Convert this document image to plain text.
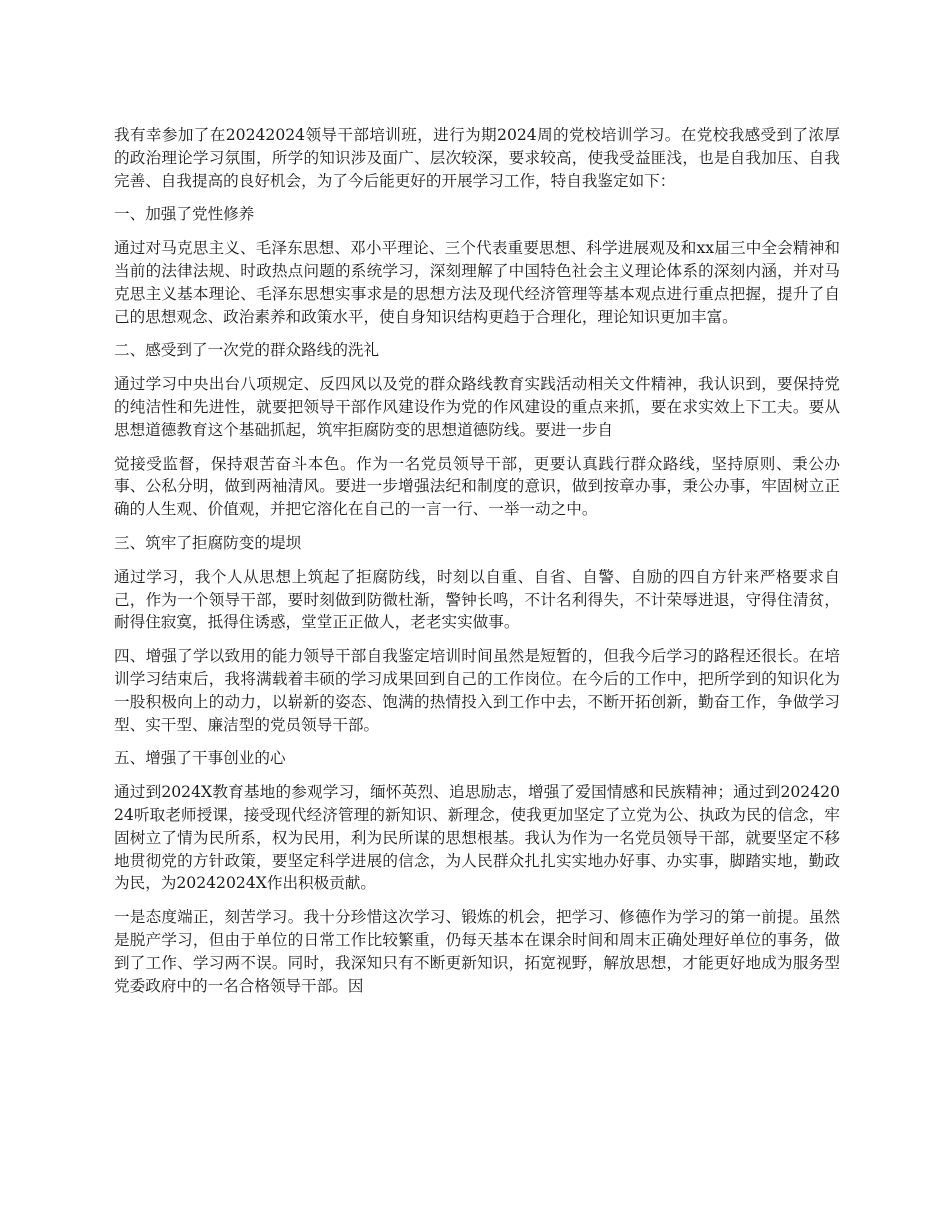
我有幸参加了在20242024领导干部培训班，进行为期2024周的党校培训学习。在党校我感受到了浓厚的政治理论学习氛围，所学的知识涉及面广、层次较深，要求较高，使我受益匪浅，也是自我加压、自我完善、自我提高的良好机会，为了今后能更好的开展学习工作，特自我鉴定如下：

一、加强了党性修养

通过对马克思主义、毛泽东思想、邓小平理论、三个代表重要思想、科学进展观及和xx届三中全会精神和当前的法律法规、时政热点问题的系统学习，深刻理解了中国特色社会主义理论体系的深刻内涵，并对马克思主义基本理论、毛泽东思想实事求是的思想方法及现代经济管理等基本观点进行重点把握，提升了自己的思想观念、政治素养和政策水平，使自身知识结构更趋于合理化，理论知识更加丰富。

二、感受到了一次党的群众路线的洗礼

通过学习中央出台八项规定、反四风以及党的群众路线教育实践活动相关文件精神，我认识到，要保持党的纯洁性和先进性，就要把领导干部作风建设作为党的作风建设的重点来抓，要在求实效上下工夫。要从思想道德教育这个基础抓起，筑牢拒腐防变的思想道德防线。要进一步自

觉接受监督，保持艰苦奋斗本色。作为一名党员领导干部，更要认真践行群众路线，坚持原则、秉公办事、公私分明，做到两袖清风。要进一步增强法纪和制度的意识，做到按章办事，秉公办事，牢固树立正确的人生观、价值观，并把它溶化在自己的一言一行、一举一动之中。

三、筑牢了拒腐防变的堤坝

通过学习，我个人从思想上筑起了拒腐防线，时刻以自重、自省、自警、自励的四自方针来严格要求自己，作为一个领导干部，要时刻做到防微杜渐，警钟长鸣，不计名利得失，不计荣辱进退，守得住清贫，耐得住寂寞，抵得住诱惑，堂堂正正做人，老老实实做事。

四、增强了学以致用的能力领导干部自我鉴定培训时间虽然是短暂的，但我今后学习的路程还很长。在培训学习结束后，我将满载着丰硕的学习成果回到自己的工作岗位。在今后的工作中，把所学到的知识化为一股积极向上的动力，以崭新的姿态、饱满的热情投入到工作中去，不断开拓创新，勤奋工作，争做学习型、实干型、廉洁型的党员领导干部。

五、增强了干事创业的心

通过到2024X教育基地的参观学习，缅怀英烈、追思励志，增强了爱国情感和民族精神；通过到20242024听取老师授课，接受现代经济管理的新知识、新理念，使我更加坚定了立党为公、执政为民的信念，牢固树立了情为民所系，权为民用，利为民所谋的思想根基。我认为作为一名党员领导干部，就要坚定不移地贯彻党的方针政策，要坚定科学进展的信念，为人民群众扎扎实实地办好事、办实事，脚踏实地，勤政为民，为20242024X作出积极贡献。

一是态度端正，刻苦学习。我十分珍惜这次学习、锻炼的机会，把学习、修德作为学习的第一前提。虽然是脱产学习，但由于单位的日常工作比较繁重，仍每天基本在课余时间和周末正确处理好单位的事务，做到了工作、学习两不误。同时，我深知只有不断更新知识，拓宽视野，解放思想，才能更好地成为服务型党委政府中的一名合格领导干部。因
